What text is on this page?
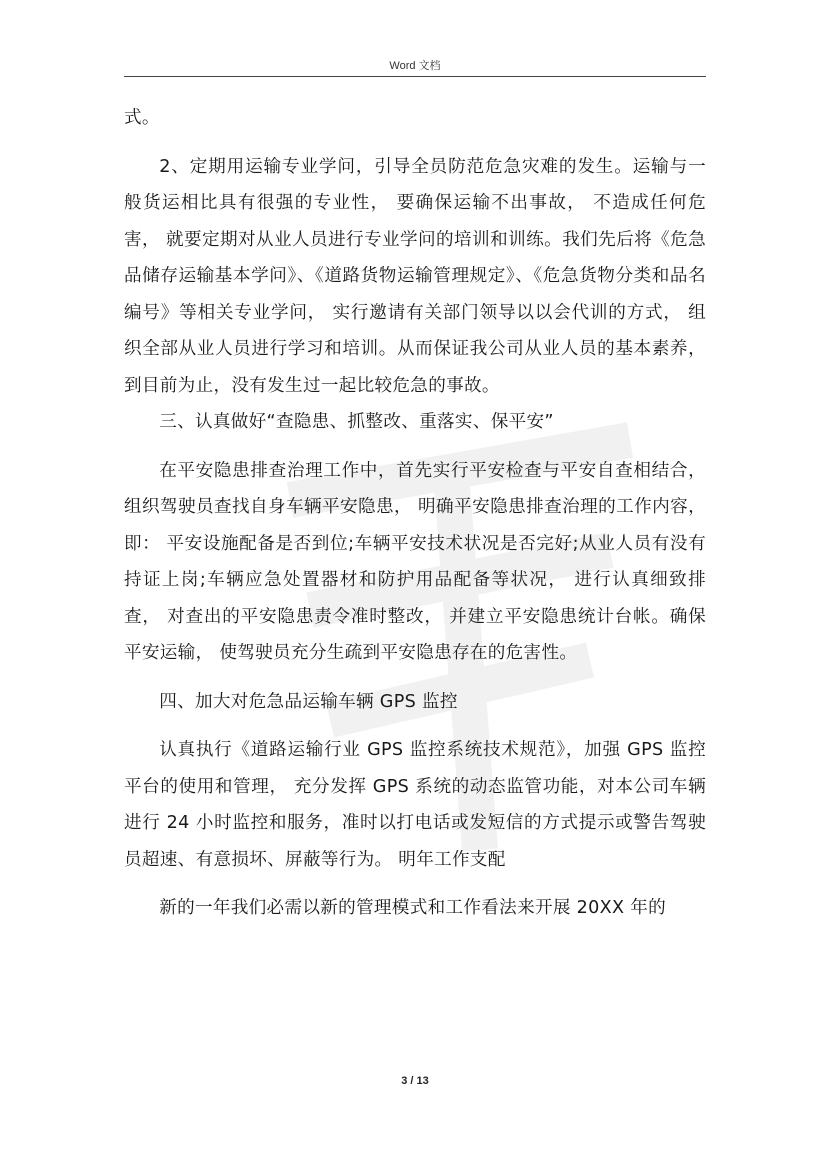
Word 文档

式。

2、定期用运输专业学问，引导全员防范危急灾难的发生。运输与一般货运相比具有很强的专业性， 要确保运输不出事故， 不造成任何危害， 就要定期对从业人员进行专业学问的培训和训练。我们先后将《危急品储存运输基本学问》、《道路货物运输管理规定》、《危急货物分类和品名编号》等相关专业学问， 实行邀请有关部门领导以以会代训的方式， 组织全部从业人员进行学习和培训。从而保证我公司从业人员的基本素养，到目前为止，没有发生过一起比较危急的事故。

三、认真做好“查隐患、抓整改、重落实、保平安”

在平安隐患排查治理工作中，首先实行平安检查与平安自查相结合，组织驾驶员查找自身车辆平安隐患， 明确平安隐患排查治理的工作内容，即： 平安设施配备是否到位;车辆平安技术状况是否完好;从业人员有没有持证上岗;车辆应急处置器材和防护用品配备等状况， 进行认真细致排查， 对查出的平安隐患责令准时整改， 并建立平安隐患统计台帐。确保平安运输， 使驾驶员充分生疏到平安隐患存在的危害性。

四、加大对危急品运输车辆 GPS 监控

认真执行《道路运输行业 GPS 监控系统技术规范》，加强 GPS 监控平台的使用和管理， 充分发挥 GPS 系统的动态监管功能，对本公司车辆进行 24 小时监控和服务，准时以打电话或发短信的方式提示或警告驾驶员超速、有意损坏、屏蔽等行为。 明年工作支配

新的一年我们必需以新的管理模式和工作看法来开展 20XX 年的

3 / 13
